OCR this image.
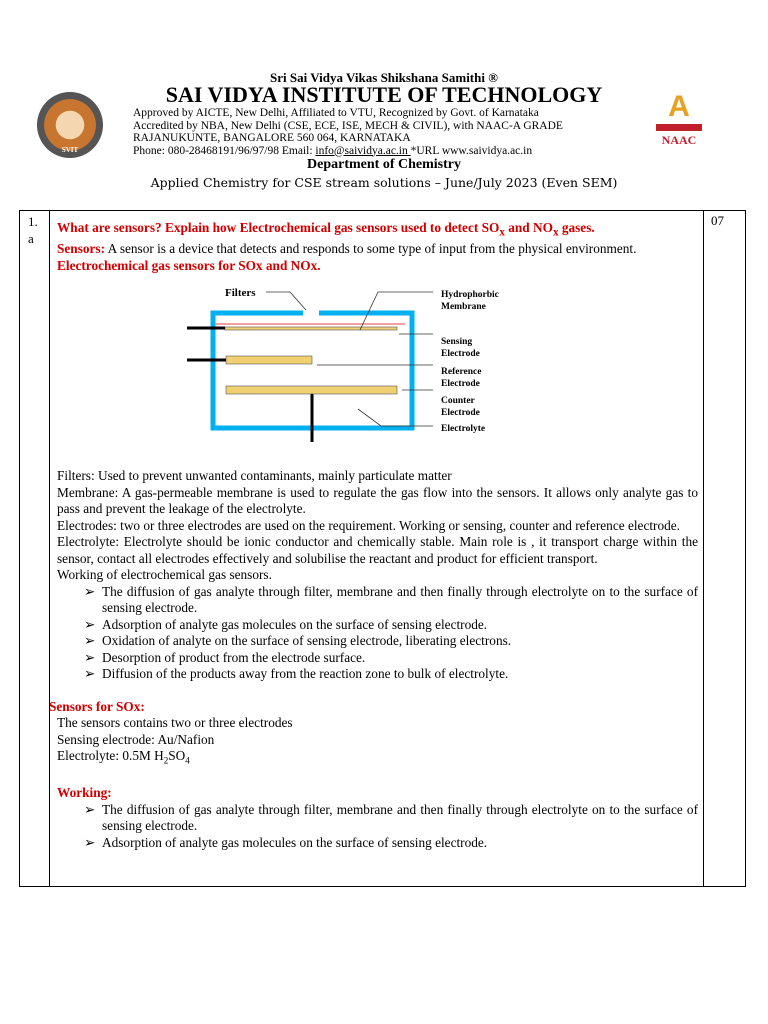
Sri Sai Vidya Vikas Shikshana Samithi ®
SAI VIDYA INSTITUTE OF TECHNOLOGY
Approved by AICTE, New Delhi, Affiliated to VTU, Recognized by Govt. of Karnataka
Accredited by NBA, New Delhi (CSE, ECE, ISE, MECH & CIVIL), with NAAC-A GRADE
RAJANUKUNTE, BANGALORE 560 064, KARNATAKA
Phone: 080-28468191/96/97/98 Email: info@saividya.ac.in *URL www.saividya.ac.in
SVIT
A
NAAC
Department of Chemistry
Applied Chemistry for CSE stream solutions – June/July 2023 (Even SEM)
1.
a
07

What are sensors? Explain how Electrochemical gas sensors used to detect $SO_x$ and $NO_x$ gases.

Sensors: A sensor is a device that detects and responds to some type of input from the physical environment.

Electrochemical gas sensors for SOx and NOx.

Filters	Hydrophorbic
Membrane
Sensing
Electrode
Reference
Electrode
Counter
Electrode
Electrolyte

Filters: Used to prevent unwanted contaminants, mainly particulate matter

Membrane: A gas-permeable membrane is used to regulate the gas flow into the sensors. It allows only analyte gas to pass and prevent the leakage of the electrolyte.

Electrodes: two or three electrodes are used on the requirement. Working or sensing, counter and reference electrode.

Electrolyte: Electrolyte should be ionic conductor and chemically stable. Main role is , it transport charge within the sensor, contact all electrodes effectively and solubilise the reactant and product for efficient transport.

Working of electrochemical gas sensors.

➢ The diffusion of gas analyte through filter, membrane and then finally through electrolyte on to the surface of sensing electrode.

➢ Adsorption of analyte gas molecules on the surface of sensing electrode.

➢ Oxidation of analyte on the surface of sensing electrode, liberating electrons.

➢ Desorption of product from the electrode surface.

➢ Diffusion of the products away from the reaction zone to bulk of electrolyte.

Sensors for SOx:

The sensors contains two or three electrodes

Sensing electrode: Au/Nafion

Electrolyte: 0.5M $H_2SO_4$

Working:

➢ The diffusion of gas analyte through filter, membrane and then finally through electrolyte on to the surface of sensing electrode.

➢ Adsorption of analyte gas molecules on the surface of sensing electrode.
